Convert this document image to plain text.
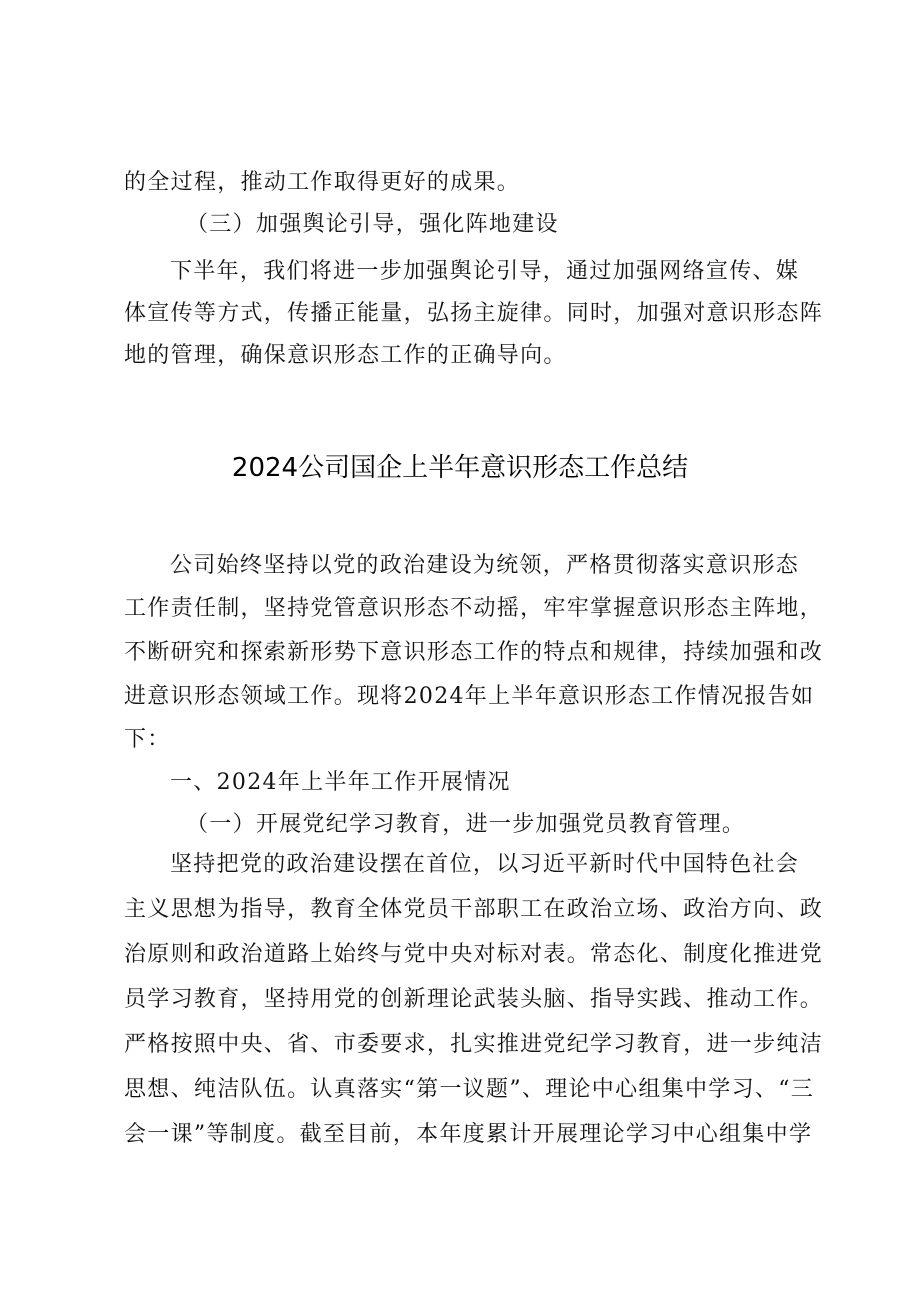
的全过程，推动工作取得更好的成果。
（三）加强舆论引导，强化阵地建设
下半年，我们将进一步加强舆论引导，通过加强网络宣传、媒
体宣传等方式，传播正能量，弘扬主旋律。同时，加强对意识形态阵
地的管理，确保意识形态工作的正确导向。
2024公司国企上半年意识形态工作总结
公司始终坚持以党的政治建设为统领，严格贯彻落实意识形态
工作责任制，坚持党管意识形态不动摇，牢牢掌握意识形态主阵地，
不断研究和探索新形势下意识形态工作的特点和规律，持续加强和改
进意识形态领域工作。现将2024年上半年意识形态工作情况报告如
下：
一、2024年上半年工作开展情况
（一）开展党纪学习教育，进一步加强党员教育管理。
坚持把党的政治建设摆在首位，以习近平新时代中国特色社会
主义思想为指导，教育全体党员干部职工在政治立场、政治方向、政
治原则和政治道路上始终与党中央对标对表。常态化、制度化推进党
员学习教育，坚持用党的创新理论武装头脑、指导实践、推动工作。
严格按照中央、省、市委要求，扎实推进党纪学习教育，进一步纯洁
思想、纯洁队伍。认真落实“第一议题”、理论中心组集中学习、“三
会一课”等制度。截至目前，本年度累计开展理论学习中心组集中学
